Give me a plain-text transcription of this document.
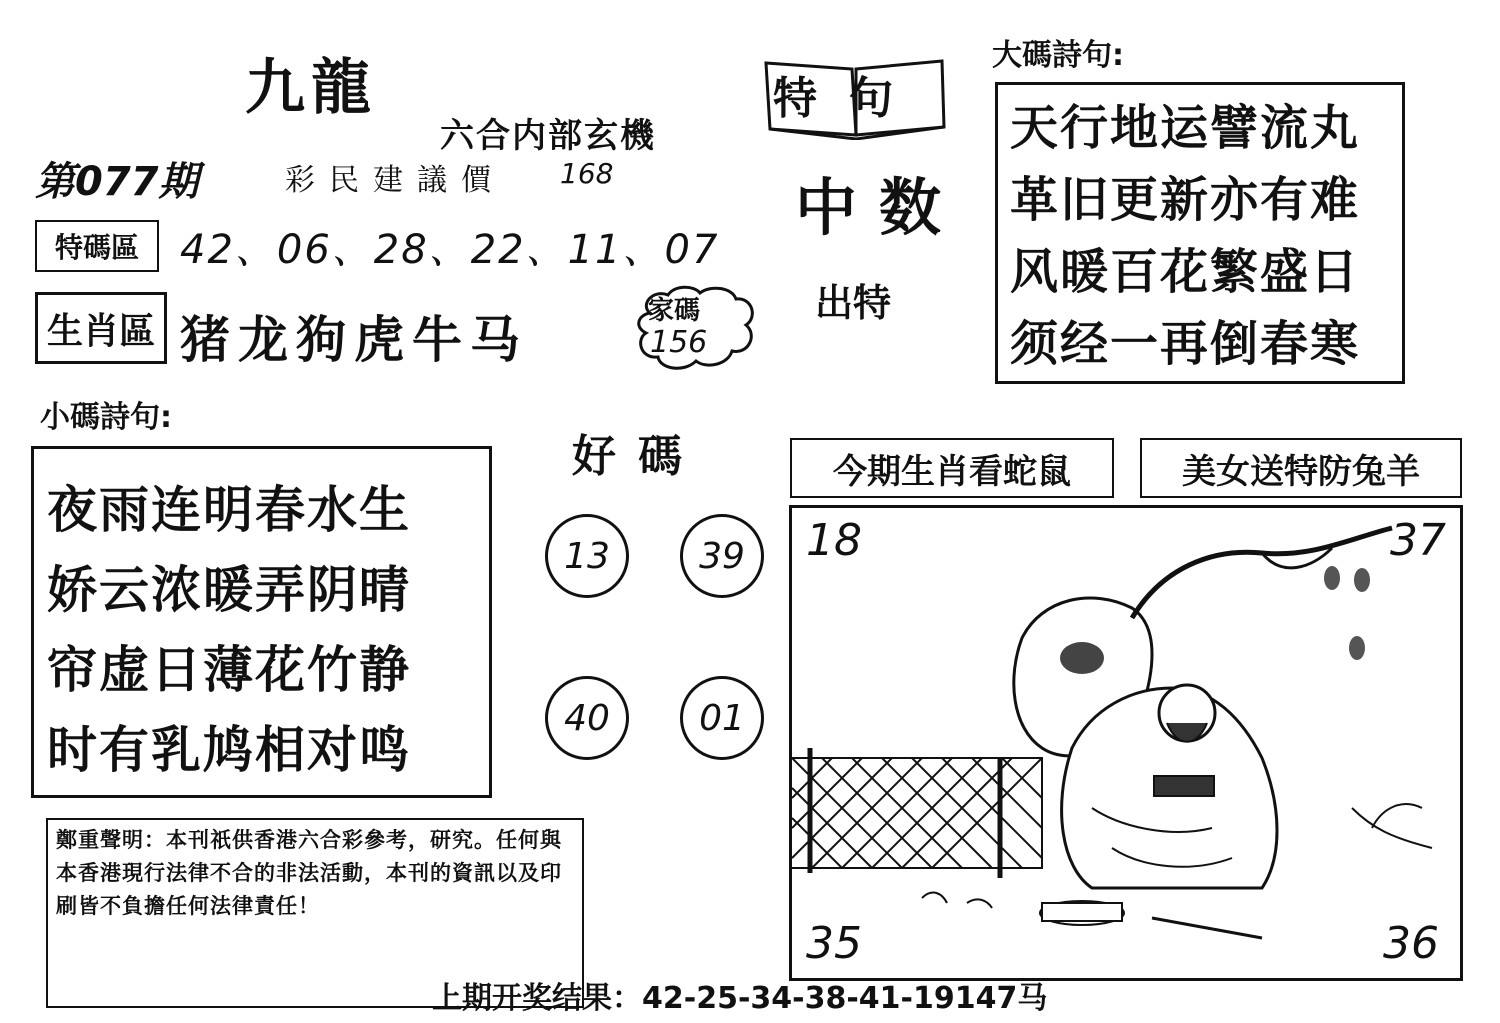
九龍
六合内部玄機
第077期	彩民建議價 168
特碼區	42、06、28、22、11、07
生肖區 猪龙狗虎牛马	家碼
156
特句
中数
出特
大碼詩句:
天行地运譬流丸
革旧更新亦有难
风暖百花繁盛日
须经一再倒春寒
小碼詩句:
夜雨连明春水生
娇云浓暖弄阴晴
帘虚日薄花竹静
时有乳鸠相对鸣
好碼
13	39
40	01
今期生肖看蛇鼠	美女送特防兔羊
18	37
35	36
鄭重聲明：本刊祇供香港六合彩參考，研究。任何與本香港現行法律不合的非法活動，本刊的資訊以及印刷皆不負擔任何法律責任！
上期开奖结果：42-25-34-38-41-19147马
